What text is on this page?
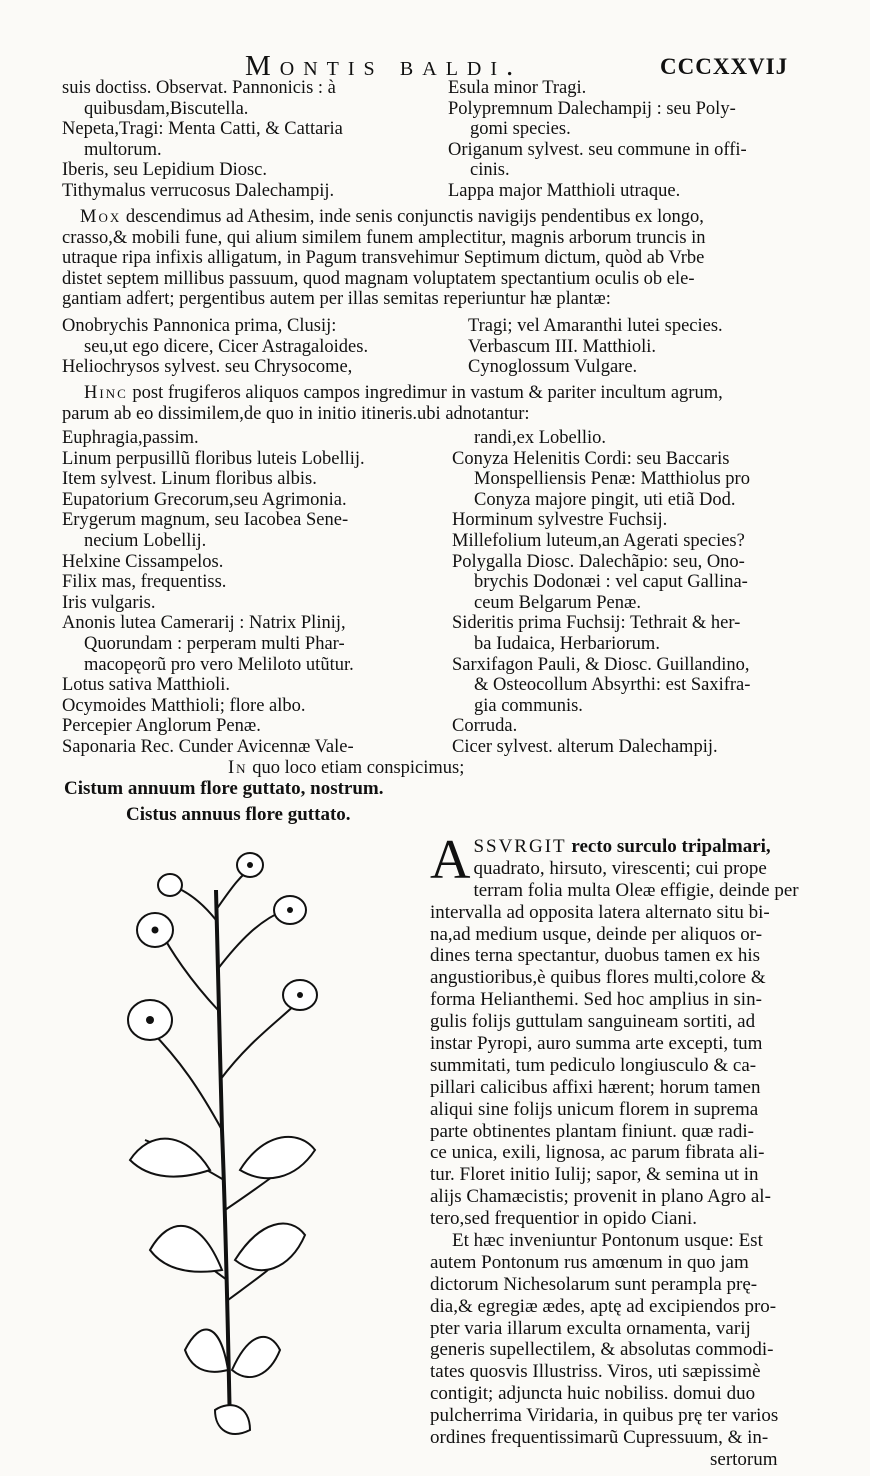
Montis baldi.	CCCXXVIJ
suis doctiss. Observat. Pannonicis : à
quibusdam,Biscutella.
Nepeta,Tragi: Menta Catti, & Cattaria
multorum.
Iberis, seu Lepidium Diosc.
Tithymalus verrucosus Dalechampij.
Esula minor Tragi.
Polypremnum Dalechampij : seu Poly-
gomi species.
Origanum sylvest. seu commune in offi-
cinis.
Lappa major Matthioli utraque.
Mox descendimus ad Athesim, inde senis conjunctis navigijs pendentibus ex longo,
crasso,& mobili fune, qui alium similem funem amplectitur, magnis arborum truncis in
utraque ripa infixis alligatum, in Pagum transvehimur Septimum dictum, quòd ab Vrbe
distet septem millibus passuum, quod magnam voluptatem spectantium oculis ob ele-
gantiam adfert; pergentibus autem per illas semitas reperiuntur hæ plantæ:
Onobrychis Pannonica prima, Clusij:
seu,ut ego dicere, Cicer Astragaloides.
Heliochrysos sylvest. seu Chrysocome,
Tragi; vel Amaranthi lutei species.
Verbascum III. Matthioli.
Cynoglossum Vulgare.
Hinc post frugiferos aliquos campos ingredimur in vastum & pariter incultum agrum,
parum ab eo dissimilem,de quo in initio itineris.ubi adnotantur:
Euphragia,passim.
Linum perpusillũ floribus luteis Lobellij.
Item sylvest. Linum floribus albis.
Eupatorium Grecorum,seu Agrimonia.
Erygerum magnum, seu Iacobea Sene-
necium Lobellij.
Helxine Cissampelos.
Filix mas, frequentiss.
Iris vulgaris.
Anonis lutea Camerarij : Natrix Plinij,
Quorundam : perperam multi Phar-
macopęorũ pro vero Meliloto utũtur.
Lotus sativa Matthioli.
Ocymoides Matthioli; flore albo.
Percepier Anglorum Penæ.
Saponaria Rec. Cunder Avicennæ Vale-
randi,ex Lobellio.
Conyza Helenitis Cordi: seu Baccaris
Monspelliensis Penæ: Matthiolus pro
Conyza majore pingit, uti etiã Dod.
Horminum sylvestre Fuchsij.
Millefolium luteum,an Agerati species?
Polygalla Diosc. Dalechãpio: seu, Ono-
brychis Dodonæi : vel caput Gallina-
ceum Belgarum Penæ.
Sideritis prima Fuchsij: Tethrait & her-
ba Iudaica, Herbariorum.
Sarxifagon Pauli, & Diosc. Guillandino,
& Osteocollum Absyrthi: est Saxifra-
gia communis.
Corruda.
Cicer sylvest. alterum Dalechampij.
In quo loco etiam conspicimus;
Cistum annuum flore guttato, nostrum.
Cistus annuus flore guttato.
A SSVRGIT recto surculo tripalmari,
quadrato, hirsuto, virescenti; cui prope
terram folia multa Oleæ effigie, deinde per
intervalla ad opposita latera alternato situ bi-
na,ad medium usque, deinde per aliquos or-
dines terna spectantur, duobus tamen ex his
angustioribus,è quibus flores multi,colore &
forma Helianthemi. Sed hoc amplius in sin-
gulis folijs guttulam sanguineam sortiti, ad
instar Pyropi, auro summa arte excepti, tum
summitati, tum pediculo longiusculo & ca-
pillari calicibus affixi hærent; horum tamen
aliqui sine folijs unicum florem in suprema
parte obtinentes plantam finiunt. quæ radi-
ce unica, exili, lignosa, ac parum fibrata ali-
tur. Floret initio Iulij; sapor, & semina ut in
alijs Chamæcistis; provenit in plano Agro al-
tero,sed frequentior in opido Ciani.
Et hæc inveniuntur Pontonum usque: Est
autem Pontonum rus amœnum in quo jam
dictorum Nichesolarum sunt perampla prę-
dia,& egregiæ ædes, aptę ad excipiendos pro-
pter varia illarum exculta ornamenta, varij
generis supellectilem, & absolutas commodi-
tates quosvis Illustriss. Viros, uti sæpissimè
contigit; adjuncta huic nobiliss. domui duo
pulcherrima Viridaria, in quibus prę ter varios
ordines frequentissimarũ Cupressuum, & in-
sertorum
